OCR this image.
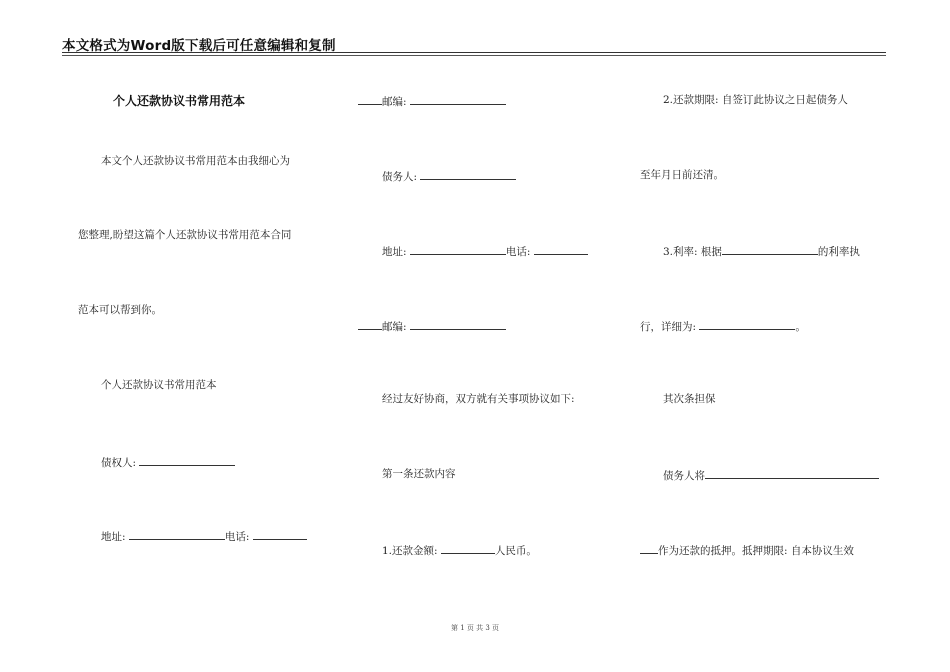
本文格式为Word版下载后可任意编辑和复制
个人还款协议书常用范本
本文个人还款协议书常用范本由我细心为
您整理,盼望这篇个人还款协议书常用范本合同
范本可以帮到你。
个人还款协议书常用范本
债权人:
地址:	电话:
邮编:
债务人:
地址:	电话:
邮编:
经过友好协商，双方就有关事项协议如下:
第一条还款内容
1.还款金额:	人民币。
2.还款期限: 自签订此协议之日起债务人
至年月日前还清。
3.利率: 根据	的利率执
行，详细为:	。
其次条担保
债务人将
作为还款的抵押。抵押期限: 自本协议生效
第 1 页 共 3 页
